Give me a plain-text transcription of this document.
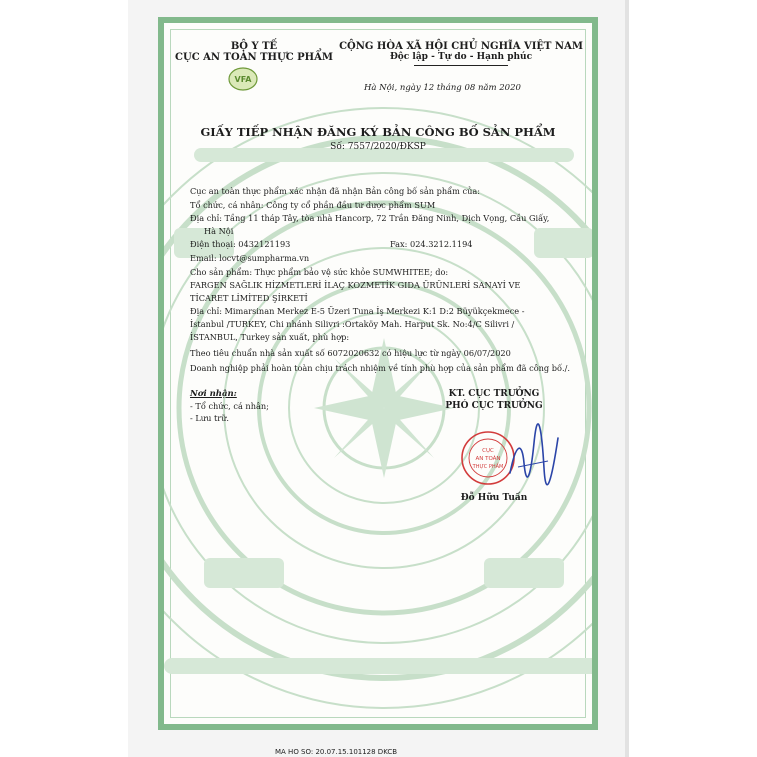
VFA
BỘ Y TẾ
CỤC AN TOÀN THỰC PHẨM
CỘNG HÒA XÃ HỘI CHỦ NGHĨA VIỆT NAM
Độc lập - Tự do - Hạnh phúc
Hà Nội, ngày 12 tháng 08 năm 2020
GIẤY TIẾP NHẬN ĐĂNG KÝ BẢN CÔNG BỐ SẢN PHẨM
Số: 7557/2020/ĐKSP
Cục an toàn thực phẩm xác nhận đã nhận Bản công bố sản phẩm của:
Tổ chức, cá nhân: Công ty cổ phần đầu tư dược phẩm SUM
Địa chỉ: Tầng 11 tháp Tây, tòa nhà Hancorp, 72 Trần Đăng Ninh, Dịch Vọng, Cầu Giấy,
Hà Nội
Điện thoại: 0432121193	Fax: 024.3212.1194
Email: locvt@sumpharma.vn
Cho sản phẩm: Thực phẩm bảo vệ sức khỏe SUMWHITEE; do:
FARGEN SAĞLIK HİZMETLERİ İLAÇ KOZMETİK GIDA ÜRÜNLERİ SANAYİ VE
TİCARET LİMİTED ŞİRKETİ
Địa chỉ: Mimarsinan Merkez E-5 Üzeri Tuna İş Merkezi K:1 D:2 Büyükçekmece -
İstanbul /TURKEY, Chi nhánh Silivri :Ortaköy Mah. Harput Sk. No:4/C Silivri /
İSTANBUL, Turkey sản xuất, phù hợp:
Theo tiêu chuẩn nhà sản xuất số 6072020632 có hiệu lực từ ngày 06/07/2020
Doanh nghiệp phải hoàn toàn chịu trách nhiệm về tính phù hợp của sản phẩm đã công bố./.
Nơi nhận:
- Tổ chức, cá nhân;
- Lưu trữ.
KT. CỤC TRƯỞNG
PHÓ CỤC TRƯỞNG
CỤC
AN TOÀN
THỰC PHẨM
Đỗ Hữu Tuấn
MA HO SO: 20.07.15.101128 DKCB
